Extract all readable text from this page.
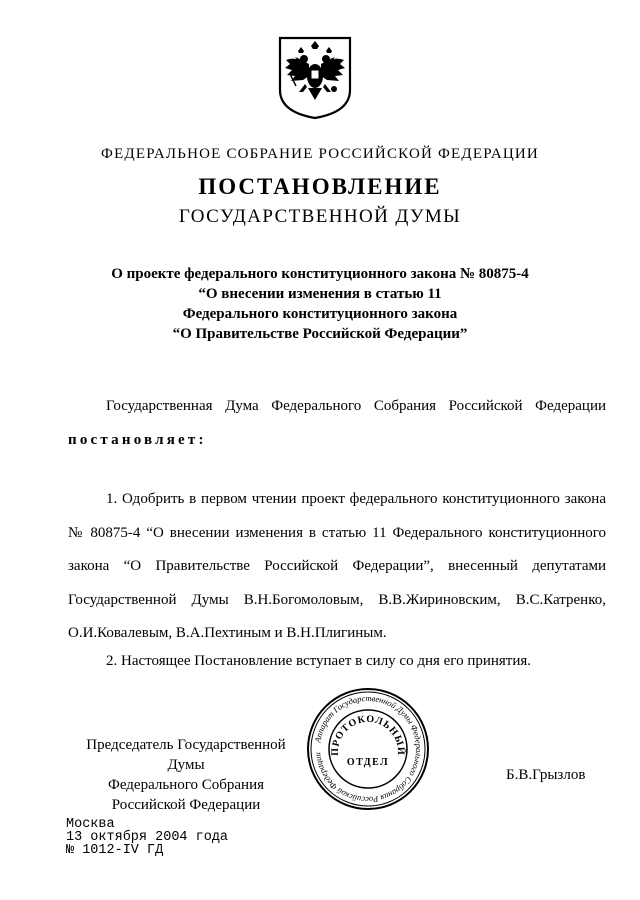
ФЕДЕРАЛЬНОЕ СОБРАНИЕ РОССИЙСКОЙ ФЕДЕРАЦИИ
ПОСТАНОВЛЕНИЕ
ГОСУДАРСТВЕННОЙ ДУМЫ
О проекте федерального конституционного закона № 80875-4
“О внесении изменения в статью 11
Федерального конституционного закона
“О Правительстве Российской Федерации”
Государственная Дума Федерального Собрания Российской Федерации
постановляет:
1. Одобрить в первом чтении проект федерального конституционного закона № 80875-4 “О внесении изменения в статью 11 Федерального конституционного закона “О Правительстве Российской Федерации”, внесенный депутатами Государственной Думы В.Н.Богомоловым, В.В.Жириновским, В.С.Катренко, О.И.Ковалевым, В.А.Пехтиным и В.Н.Плигиным.
2. Настоящее Постановление вступает в силу со дня его принятия.
Председатель Государственной Думы
Федерального Собрания
Российской Федерации
Б.В.Грызлов
Аппарат Государственной Думы Федерального Собрания Российской Федерации ПРОТОКОЛЬНЫЙ
ОТДЕЛ
Москва
13 октября 2004 года
№ 1012-IV ГД
